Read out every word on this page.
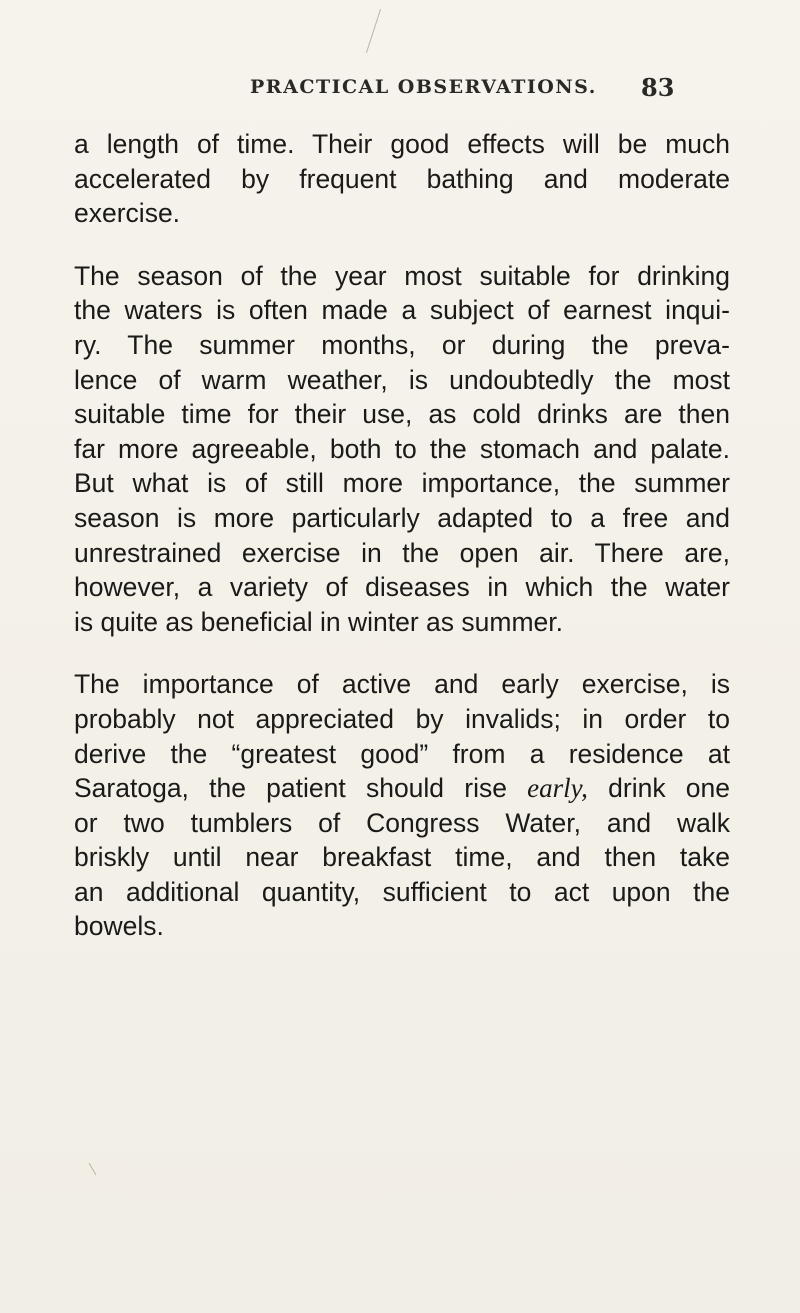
PRACTICAL OBSERVATIONS. 83

a length of time. Their good effects will be much
accelerated by frequent bathing and moderate
exercise.

The season of the year most suitable for drinking
the waters is often made a subject of earnest inqui-
ry. The summer months, or during the preva-
lence of warm weather, is undoubtedly the most
suitable time for their use, as cold drinks are then
far more agreeable, both to the stomach and palate.
But what is of still more importance, the summer
season is more particularly adapted to a free and
unrestrained exercise in the open air. There are,
however, a variety of diseases in which the water
is quite as beneficial in winter as summer.

The importance of active and early exercise, is
probably not appreciated by invalids; in order to
derive the “greatest good” from a residence at
Saratoga, the patient should rise early, drink one
or two tumblers of Congress Water, and walk
briskly until near breakfast time, and then take
an additional quantity, sufficient to act upon the
bowels.
